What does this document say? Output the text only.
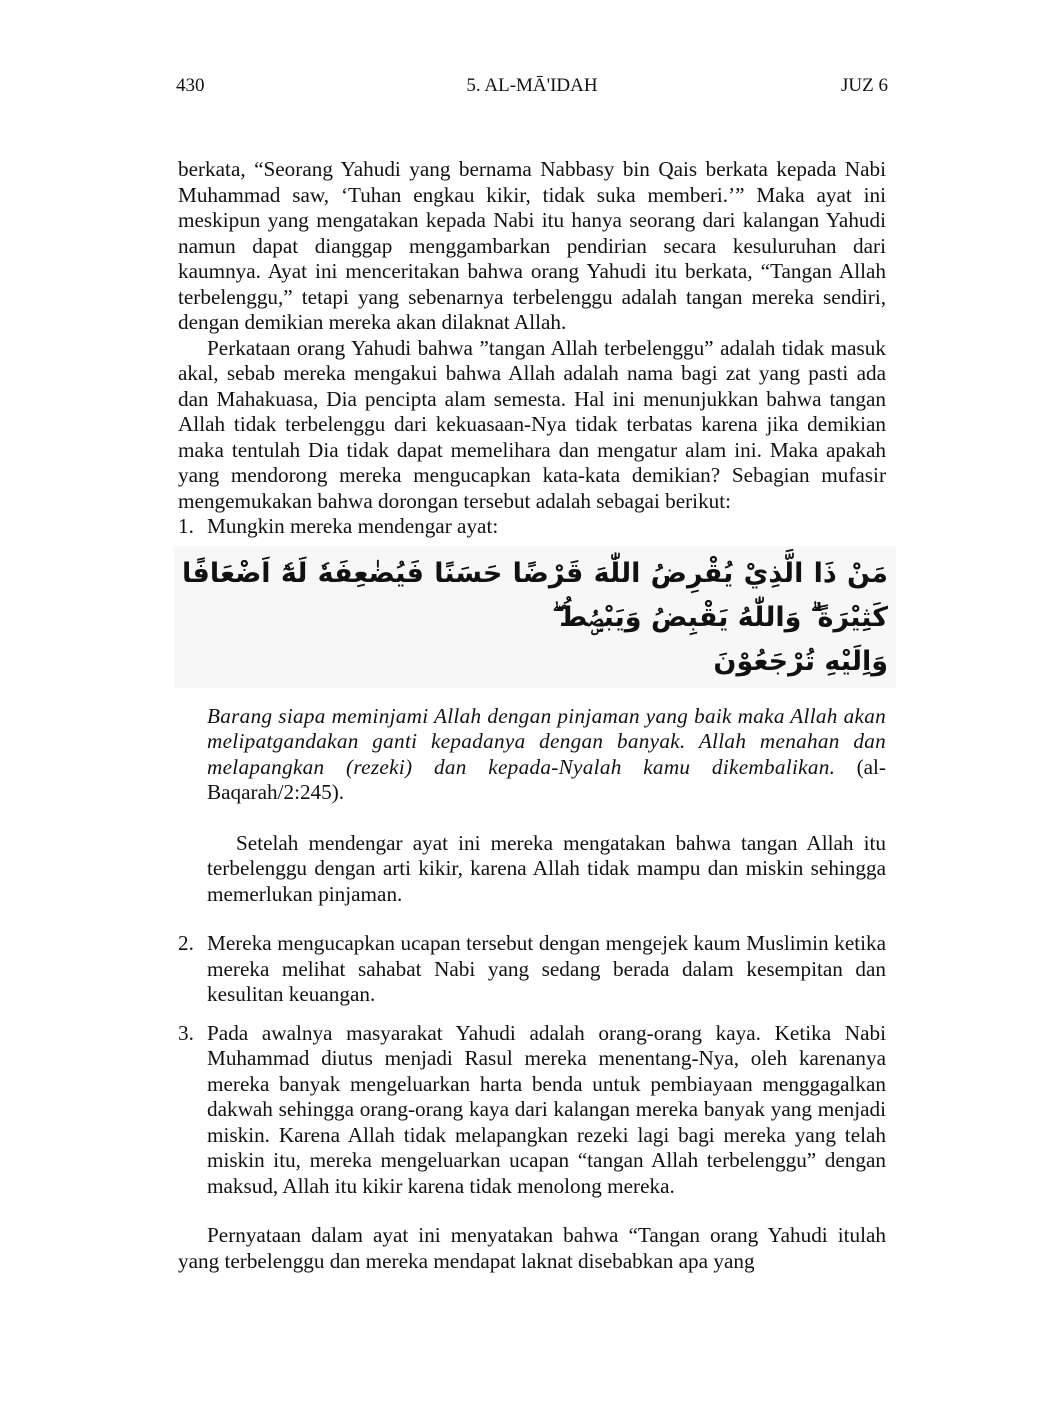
430	5. AL-MĀ'IDAH	JUZ 6

berkata, “Seorang Yahudi yang bernama Nabbasy bin Qais berkata kepada Nabi Muhammad saw, ‘Tuhan engkau kikir, tidak suka memberi.’” Maka ayat ini meskipun yang mengatakan kepada Nabi itu hanya seorang dari kalangan Yahudi namun dapat dianggap menggambarkan pendirian secara kesuluruhan dari kaumnya. Ayat ini menceritakan bahwa orang Yahudi itu berkata, “Tangan Allah terbelenggu,” tetapi yang sebenarnya terbelenggu adalah tangan mereka sendiri, dengan demikian mereka akan dilaknat Allah.

Perkataan orang Yahudi bahwa ”tangan Allah terbelenggu” adalah tidak masuk akal, sebab mereka mengakui bahwa Allah adalah nama bagi zat yang pasti ada dan Mahakuasa, Dia pencipta alam semesta. Hal ini menunjukkan bahwa tangan Allah tidak terbelenggu dari kekuasaan-Nya tidak terbatas karena jika demikian maka tentulah Dia tidak dapat memelihara dan mengatur alam ini. Maka apakah yang mendorong mereka mengucapkan kata-kata demikian? Sebagian mufasir mengemukakan bahwa dorongan tersebut adalah sebagai berikut:

1. Mungkin mereka mendengar ayat:
مَنْ ذَا الَّذِيْ يُقْرِضُ اللّٰهَ قَرْضًا حَسَنًا فَيُضٰعِفَهٗ لَهٗٓ اَضْعَافًا كَثِيْرَةً ۗ وَاللّٰهُ يَقْبِضُ وَيَبْصُۣطُ ۖ
وَاِلَيْهِ تُرْجَعُوْنَ

Barang siapa meminjami Allah dengan pinjaman yang baik maka Allah akan melipatgandakan ganti kepadanya dengan banyak. Allah menahan dan melapangkan (rezeki) dan kepada-Nyalah kamu dikembalikan. (al-Baqarah/2:245).

Setelah mendengar ayat ini mereka mengatakan bahwa tangan Allah itu terbelenggu dengan arti kikir, karena Allah tidak mampu dan miskin sehingga memerlukan pinjaman.

2. Mereka mengucapkan ucapan tersebut dengan mengejek kaum Muslimin ketika mereka melihat sahabat Nabi yang sedang berada dalam kesempitan dan kesulitan keuangan.
3. Pada awalnya masyarakat Yahudi adalah orang-orang kaya. Ketika Nabi Muhammad diutus menjadi Rasul mereka menentang-Nya, oleh karenanya mereka banyak mengeluarkan harta benda untuk pembiayaan menggagalkan dakwah sehingga orang-orang kaya dari kalangan mereka banyak yang menjadi miskin. Karena Allah tidak melapangkan rezeki lagi bagi mereka yang telah miskin itu, mereka mengeluarkan ucapan “tangan Allah terbelenggu” dengan maksud, Allah itu kikir karena tidak menolong mereka.

Pernyataan dalam ayat ini menyatakan bahwa “Tangan orang Yahudi itulah yang terbelenggu dan mereka mendapat laknat disebabkan apa yang
